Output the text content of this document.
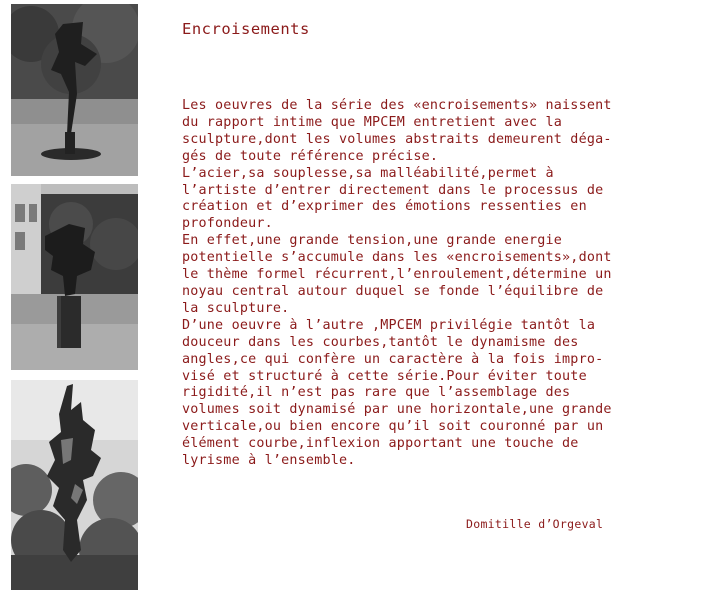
Encroisements
Les oeuvres de la série des «encroisements» naissent
du rapport intime que MPCEM entretient avec la
sculpture,dont les volumes abstraits demeurent déga-
gés de toute référence précise.
L’acier,sa souplesse,sa malléabilité,permet à
l’artiste d’entrer directement dans le processus de
création et d’exprimer des émotions ressenties en
profondeur.
En effet,une grande tension,une grande energie
potentielle s’accumule dans les «encroisements»,dont
le thème formel récurrent,l’enroulement,détermine un
noyau central autour duquel se fonde l’équilibre de
la sculpture.
D’une oeuvre à l’autre ,MPCEM privilégie tantôt la
douceur dans les courbes,tantôt le dynamisme des
angles,ce qui confère un caractère à la fois impro-
visé et structuré à cette série.Pour éviter toute
rigidité,il n’est pas rare que l’assemblage des
volumes soit dynamisé par une horizontale,une grande
verticale,ou bien encore qu’il soit couronné par un
élément courbe,inflexion apportant une touche de
lyrisme à l’ensemble.
Domitille d’Orgeval
